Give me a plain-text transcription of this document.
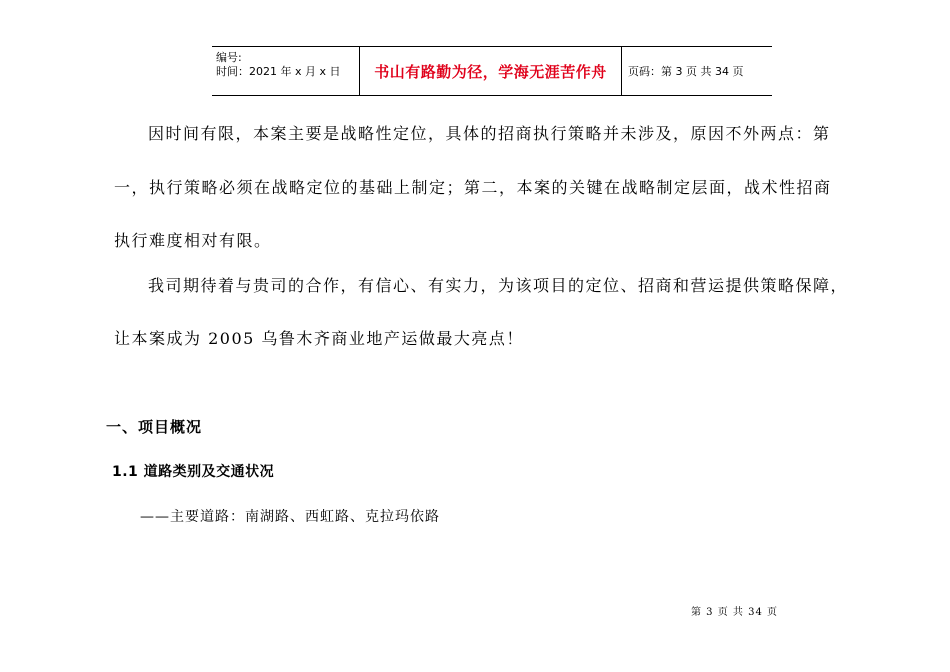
编号:
时间：2021 年 x 月 x 日	书山有路勤为径，学海无涯苦作舟	页码：第 3 页 共 34 页
因时间有限，本案主要是战略性定位，具体的招商执行策略并未涉及，原因不外两点：第
一，执行策略必须在战略定位的基础上制定；第二，本案的关键在战略制定层面，战术性招商
执行难度相对有限。
我司期待着与贵司的合作，有信心、有实力，为该项目的定位、招商和营运提供策略保障，
让本案成为 2005 乌鲁木齐商业地产运做最大亮点！
一、项目概况
1.1 道路类别及交通状况
——主要道路：南湖路、西虹路、克拉玛依路
第 3 页 共 34 页
